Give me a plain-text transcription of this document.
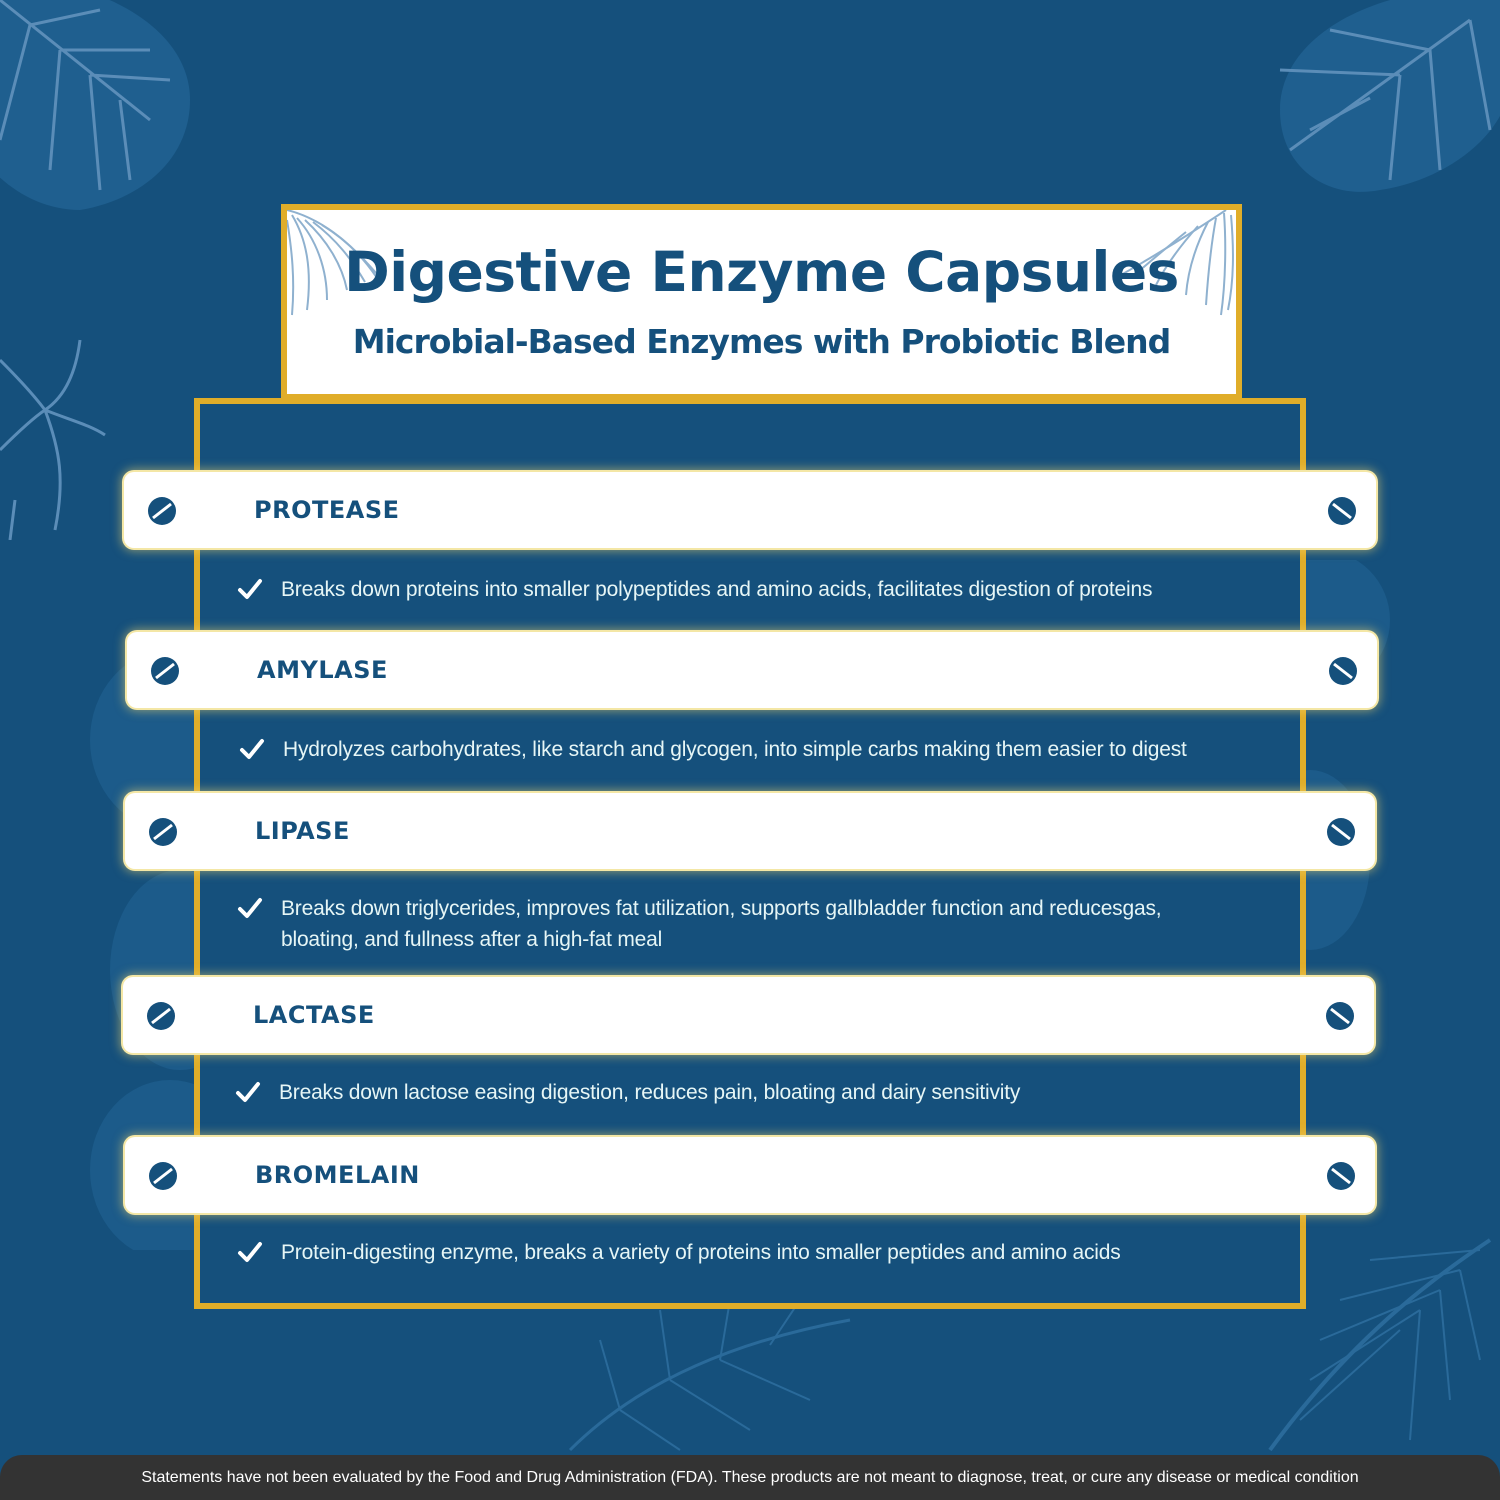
Digestive Enzyme Capsules
Microbial-Based Enzymes with Probiotic Blend
PROTEASE
Breaks down proteins into smaller polypeptides and amino acids, facilitates digestion of proteins
AMYLASE
Hydrolyzes carbohydrates, like starch and glycogen, into simple carbs making them easier to digest
LIPASE
Breaks down triglycerides, improves fat utilization, supports gallbladder function and reducesgas,
bloating, and fullness after a high-fat meal
LACTASE
Breaks down lactose easing digestion, reduces pain, bloating and dairy sensitivity
BROMELAIN
Protein-digesting enzyme, breaks a variety of proteins into smaller peptides and amino acids
Statements have not been evaluated by the Food and Drug Administration (FDA). These products are not meant to diagnose, treat, or cure any disease or medical condition
